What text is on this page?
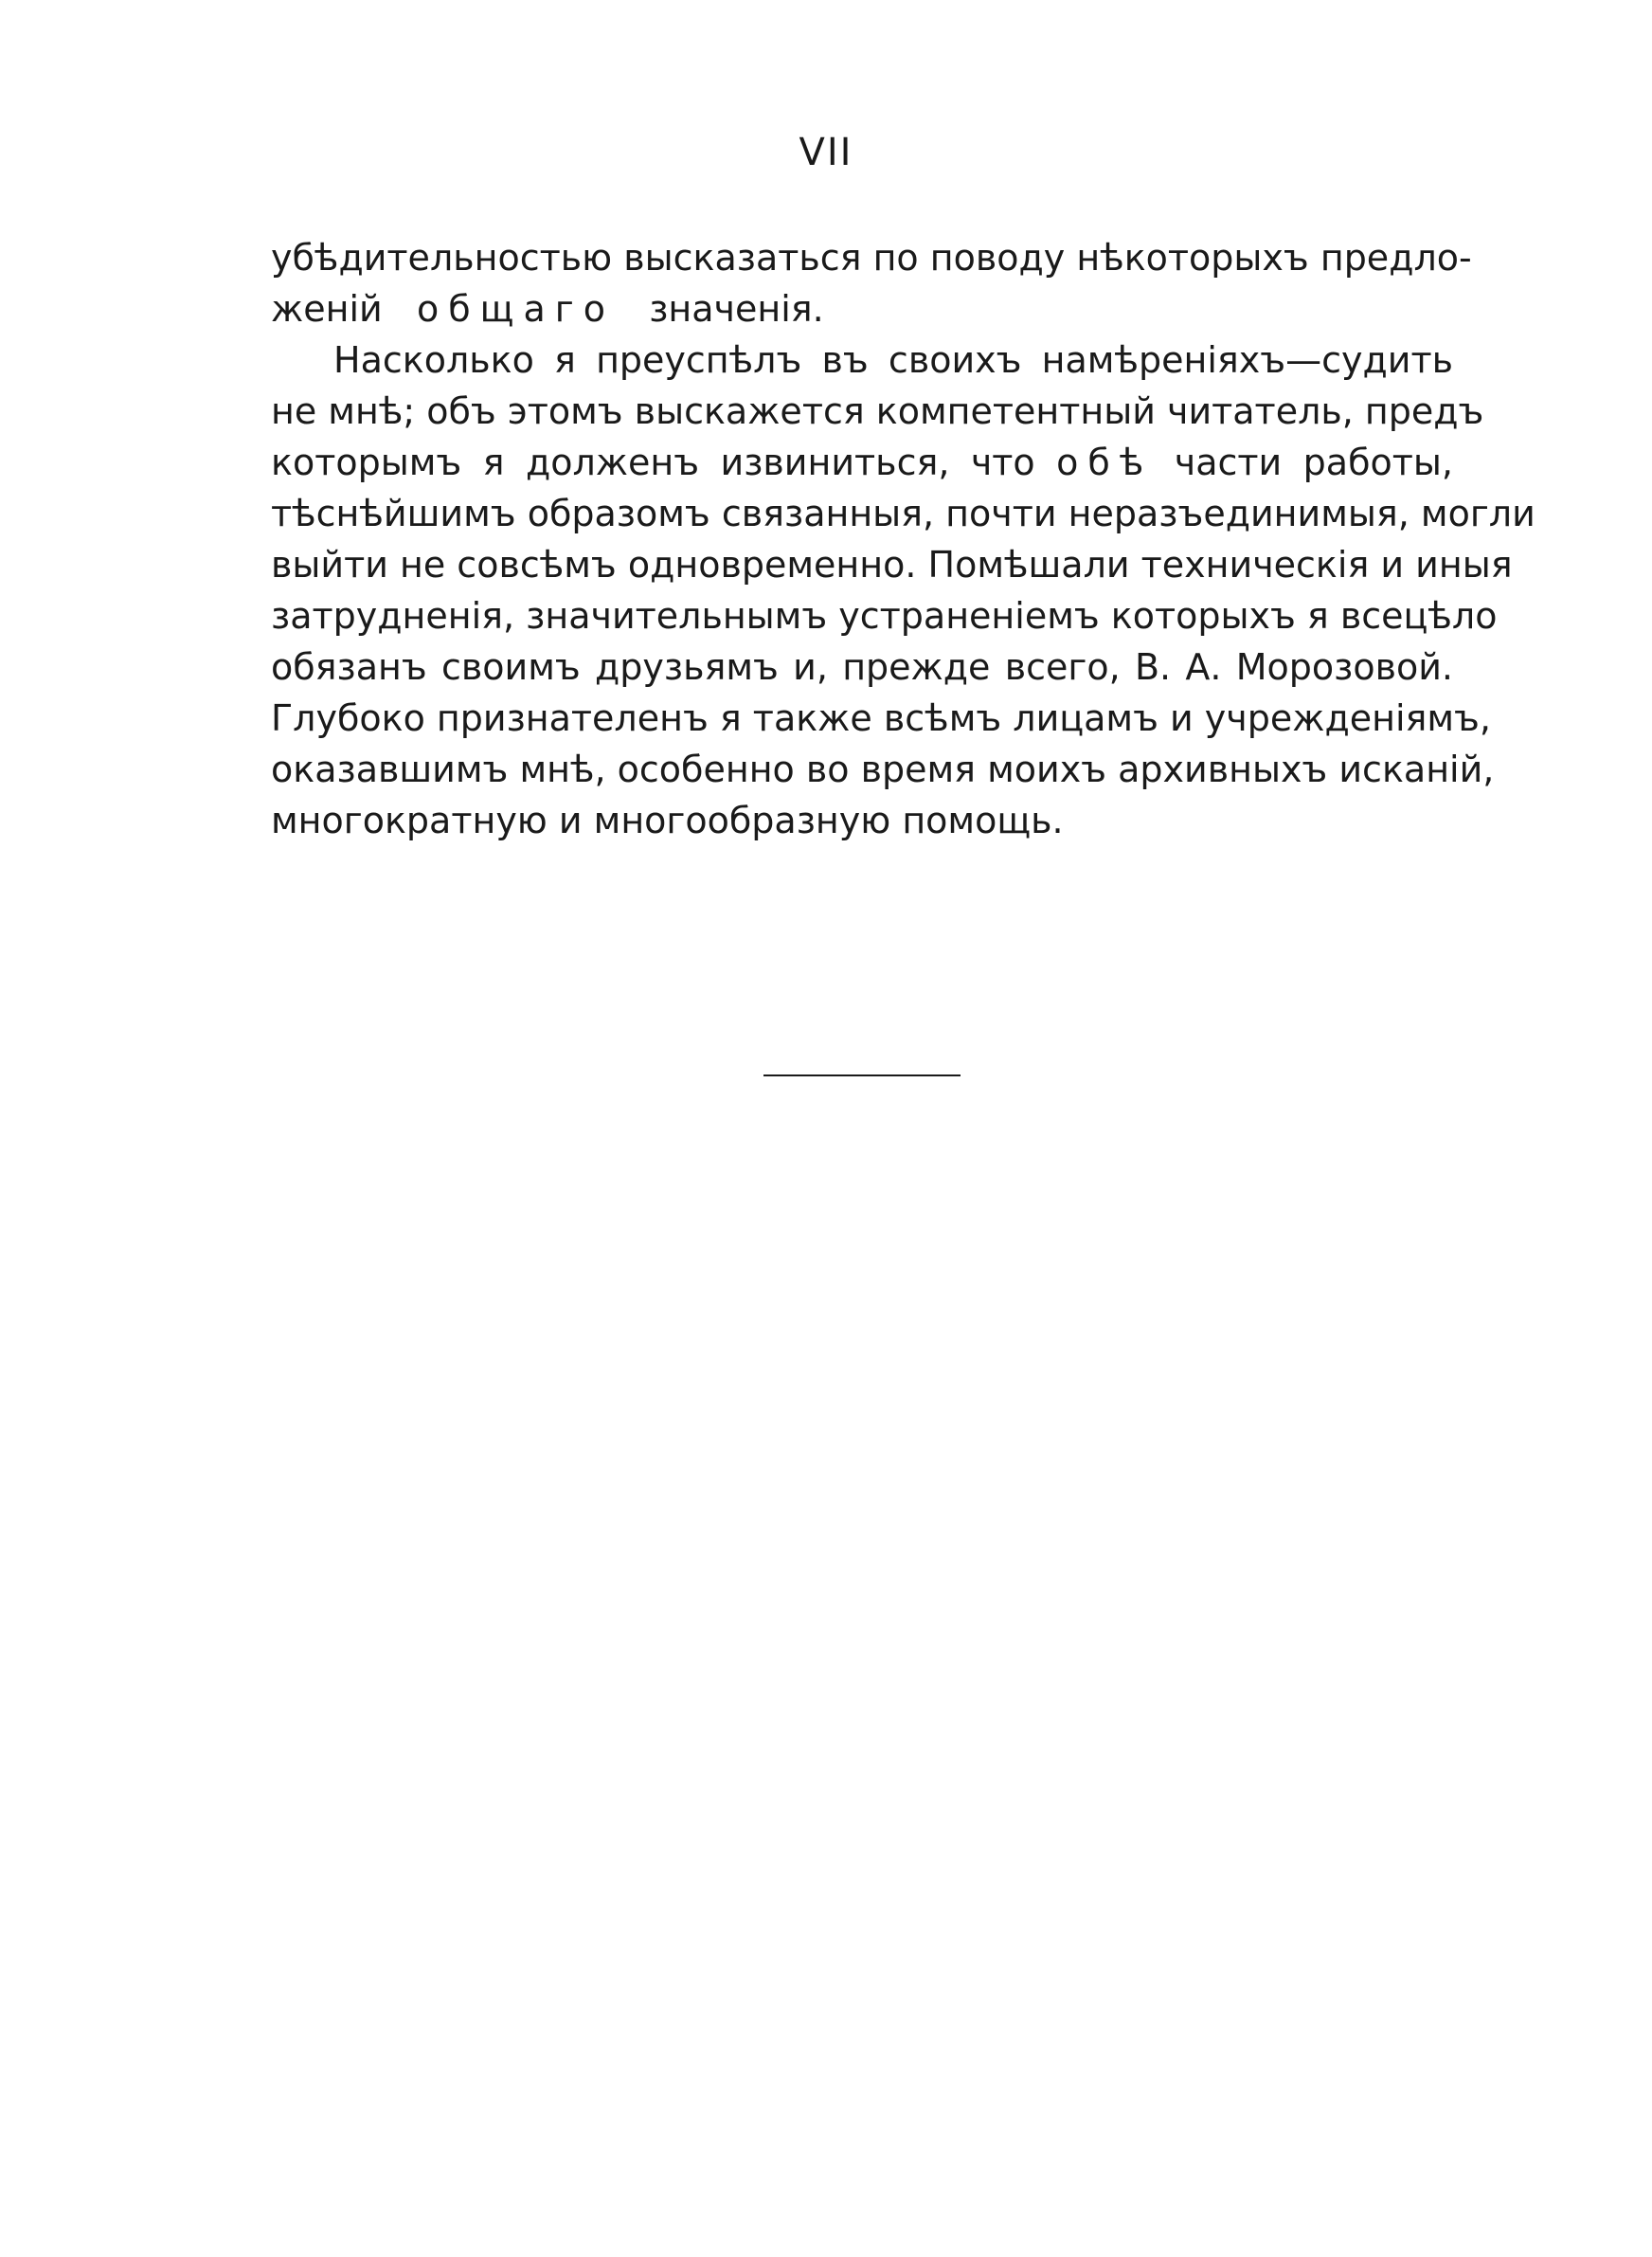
VII
убѣдительностью высказаться по поводу нѣкоторыхъ предло-
женій общаго значенія.
Насколько я преуспѣлъ въ своихъ намѣреніяхъ—судить
не мнѣ; объ этомъ выскажется компетентный читатель, предъ
которымъ я долженъ извиниться, что обѣ части работы,
тѣснѣйшимъ образомъ связанныя, почти неразъединимыя, могли
выйти не совсѣмъ одновременно. Помѣшали техническія и иныя
затрудненія, значительнымъ устраненіемъ которыхъ я всецѣло
обязанъ своимъ друзьямъ и, прежде всего, В. А. Морозовой.
Глубоко признателенъ я также всѣмъ лицамъ и учрежденіямъ,
оказавшимъ мнѣ, особенно во время моихъ архивныхъ исканій,
многократную и многообразную помощь.
